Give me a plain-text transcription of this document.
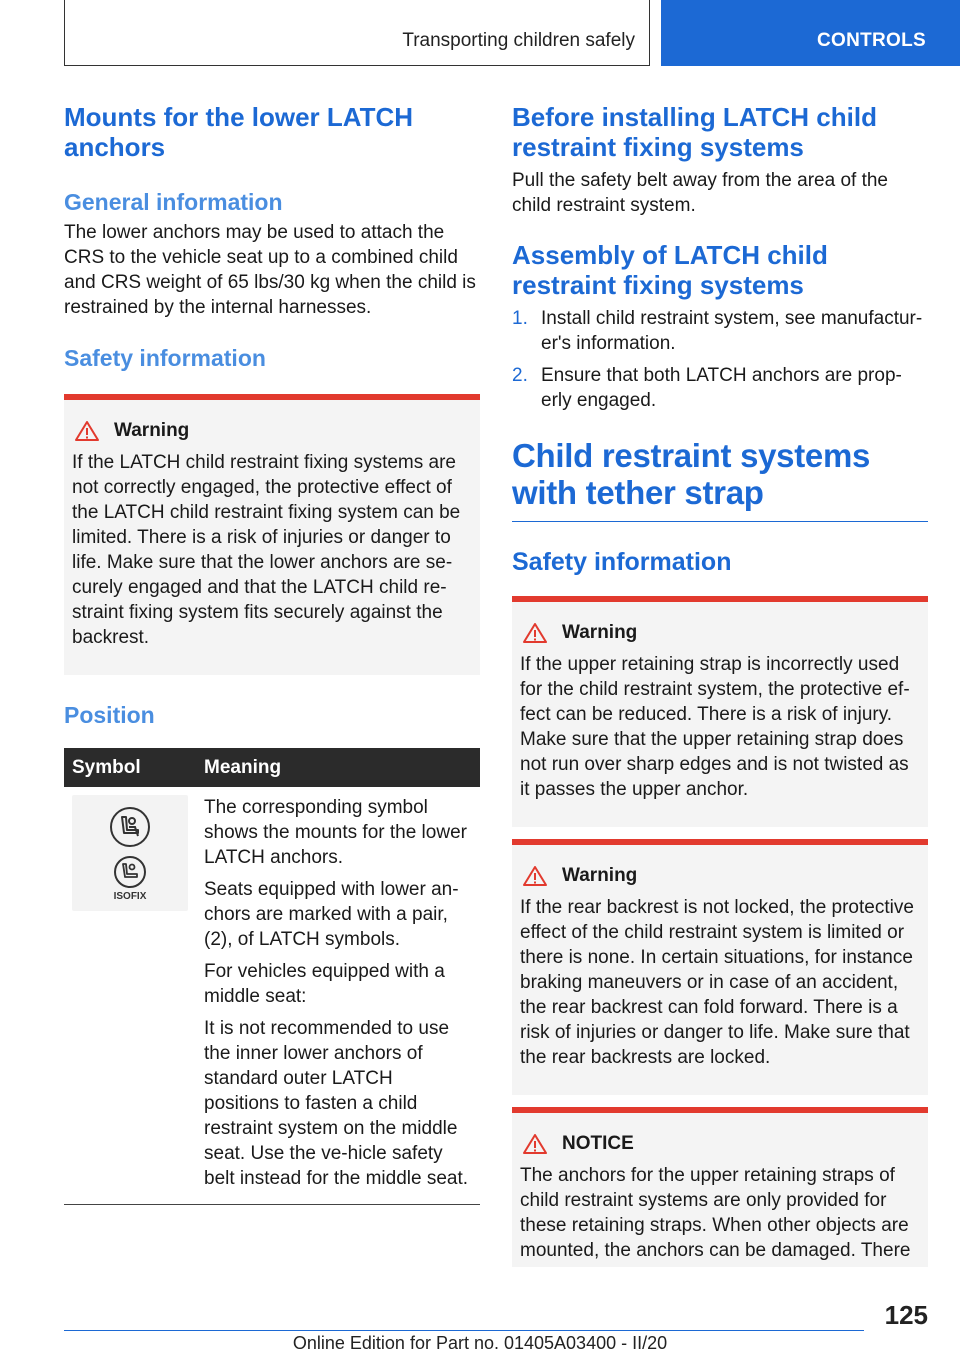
Transporting children safely	CONTROLS
Mounts for the lower LATCH anchors
General information

The lower anchors may be used to attach the CRS to the vehicle seat up to a combined child and CRS weight of 65 lbs/30 kg when the child is restrained by the internal harnesses.

Safety information
Warning

If the LATCH child restraint fixing systems are not correctly engaged, the protective effect of the LATCH child restraint fixing system can be limited. There is a risk of injuries or danger to life. Make sure that the lower anchors are se-curely engaged and that the LATCH child re-straint fixing system fits securely against the backrest.

Position
Symbol	Meaning

ISOFIX	The corresponding symbol shows the mounts for the lower LATCH anchors.

Seats equipped with lower an-chors are marked with a pair, (2), of LATCH symbols.

For vehicles equipped with a middle seat:

It is not recommended to use the inner lower anchors of standard outer LATCH positions to fasten a child restraint system on the middle seat. Use the ve-hicle safety belt instead for the middle seat.

Before installing LATCH child restraint fixing systems

Pull the safety belt away from the area of the child restraint system.

Assembly of LATCH child restraint fixing systems
1. Install child restraint system, see manufactur-er's information.
2. Ensure that both LATCH anchors are prop-erly engaged.
Child restraint systems with tether strap
Safety information
Warning

If the upper retaining strap is incorrectly used for the child restraint system, the protective ef-fect can be reduced. There is a risk of injury. Make sure that the upper retaining strap does not run over sharp edges and is not twisted as it passes the upper anchor.

Warning

If the rear backrest is not locked, the protective effect of the child restraint system is limited or there is none. In certain situations, for instance braking maneuvers or in case of an accident, the rear backrest can fold forward. There is a risk of injuries or danger to life. Make sure that the rear backrests are locked.

NOTICE

The anchors for the upper retaining straps of child restraint systems are only provided for these retaining straps. When other objects are mounted, the anchors can be damaged. There

125
Online Edition for Part no. 01405A03400 - II/20
